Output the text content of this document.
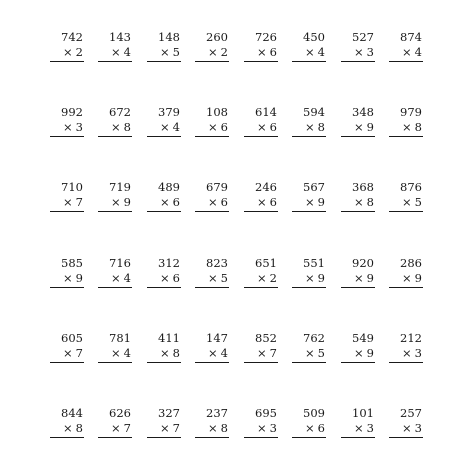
742
× 2
143
× 4
148
× 5
260
× 2
726
× 6
450
× 4
527
× 3
874
× 4
992
× 3
672
× 8
379
× 4
108
× 6
614
× 6
594
× 8
348
× 9
979
× 8
710
× 7
719
× 9
489
× 6
679
× 6
246
× 6
567
× 9
368
× 8
876
× 5
585
× 9
716
× 4
312
× 6
823
× 5
651
× 2
551
× 9
920
× 9
286
× 9
605
× 7
781
× 4
411
× 8
147
× 4
852
× 7
762
× 5
549
× 9
212
× 3
844
× 8
626
× 7
327
× 7
237
× 8
695
× 3
509
× 6
101
× 3
257
× 3
